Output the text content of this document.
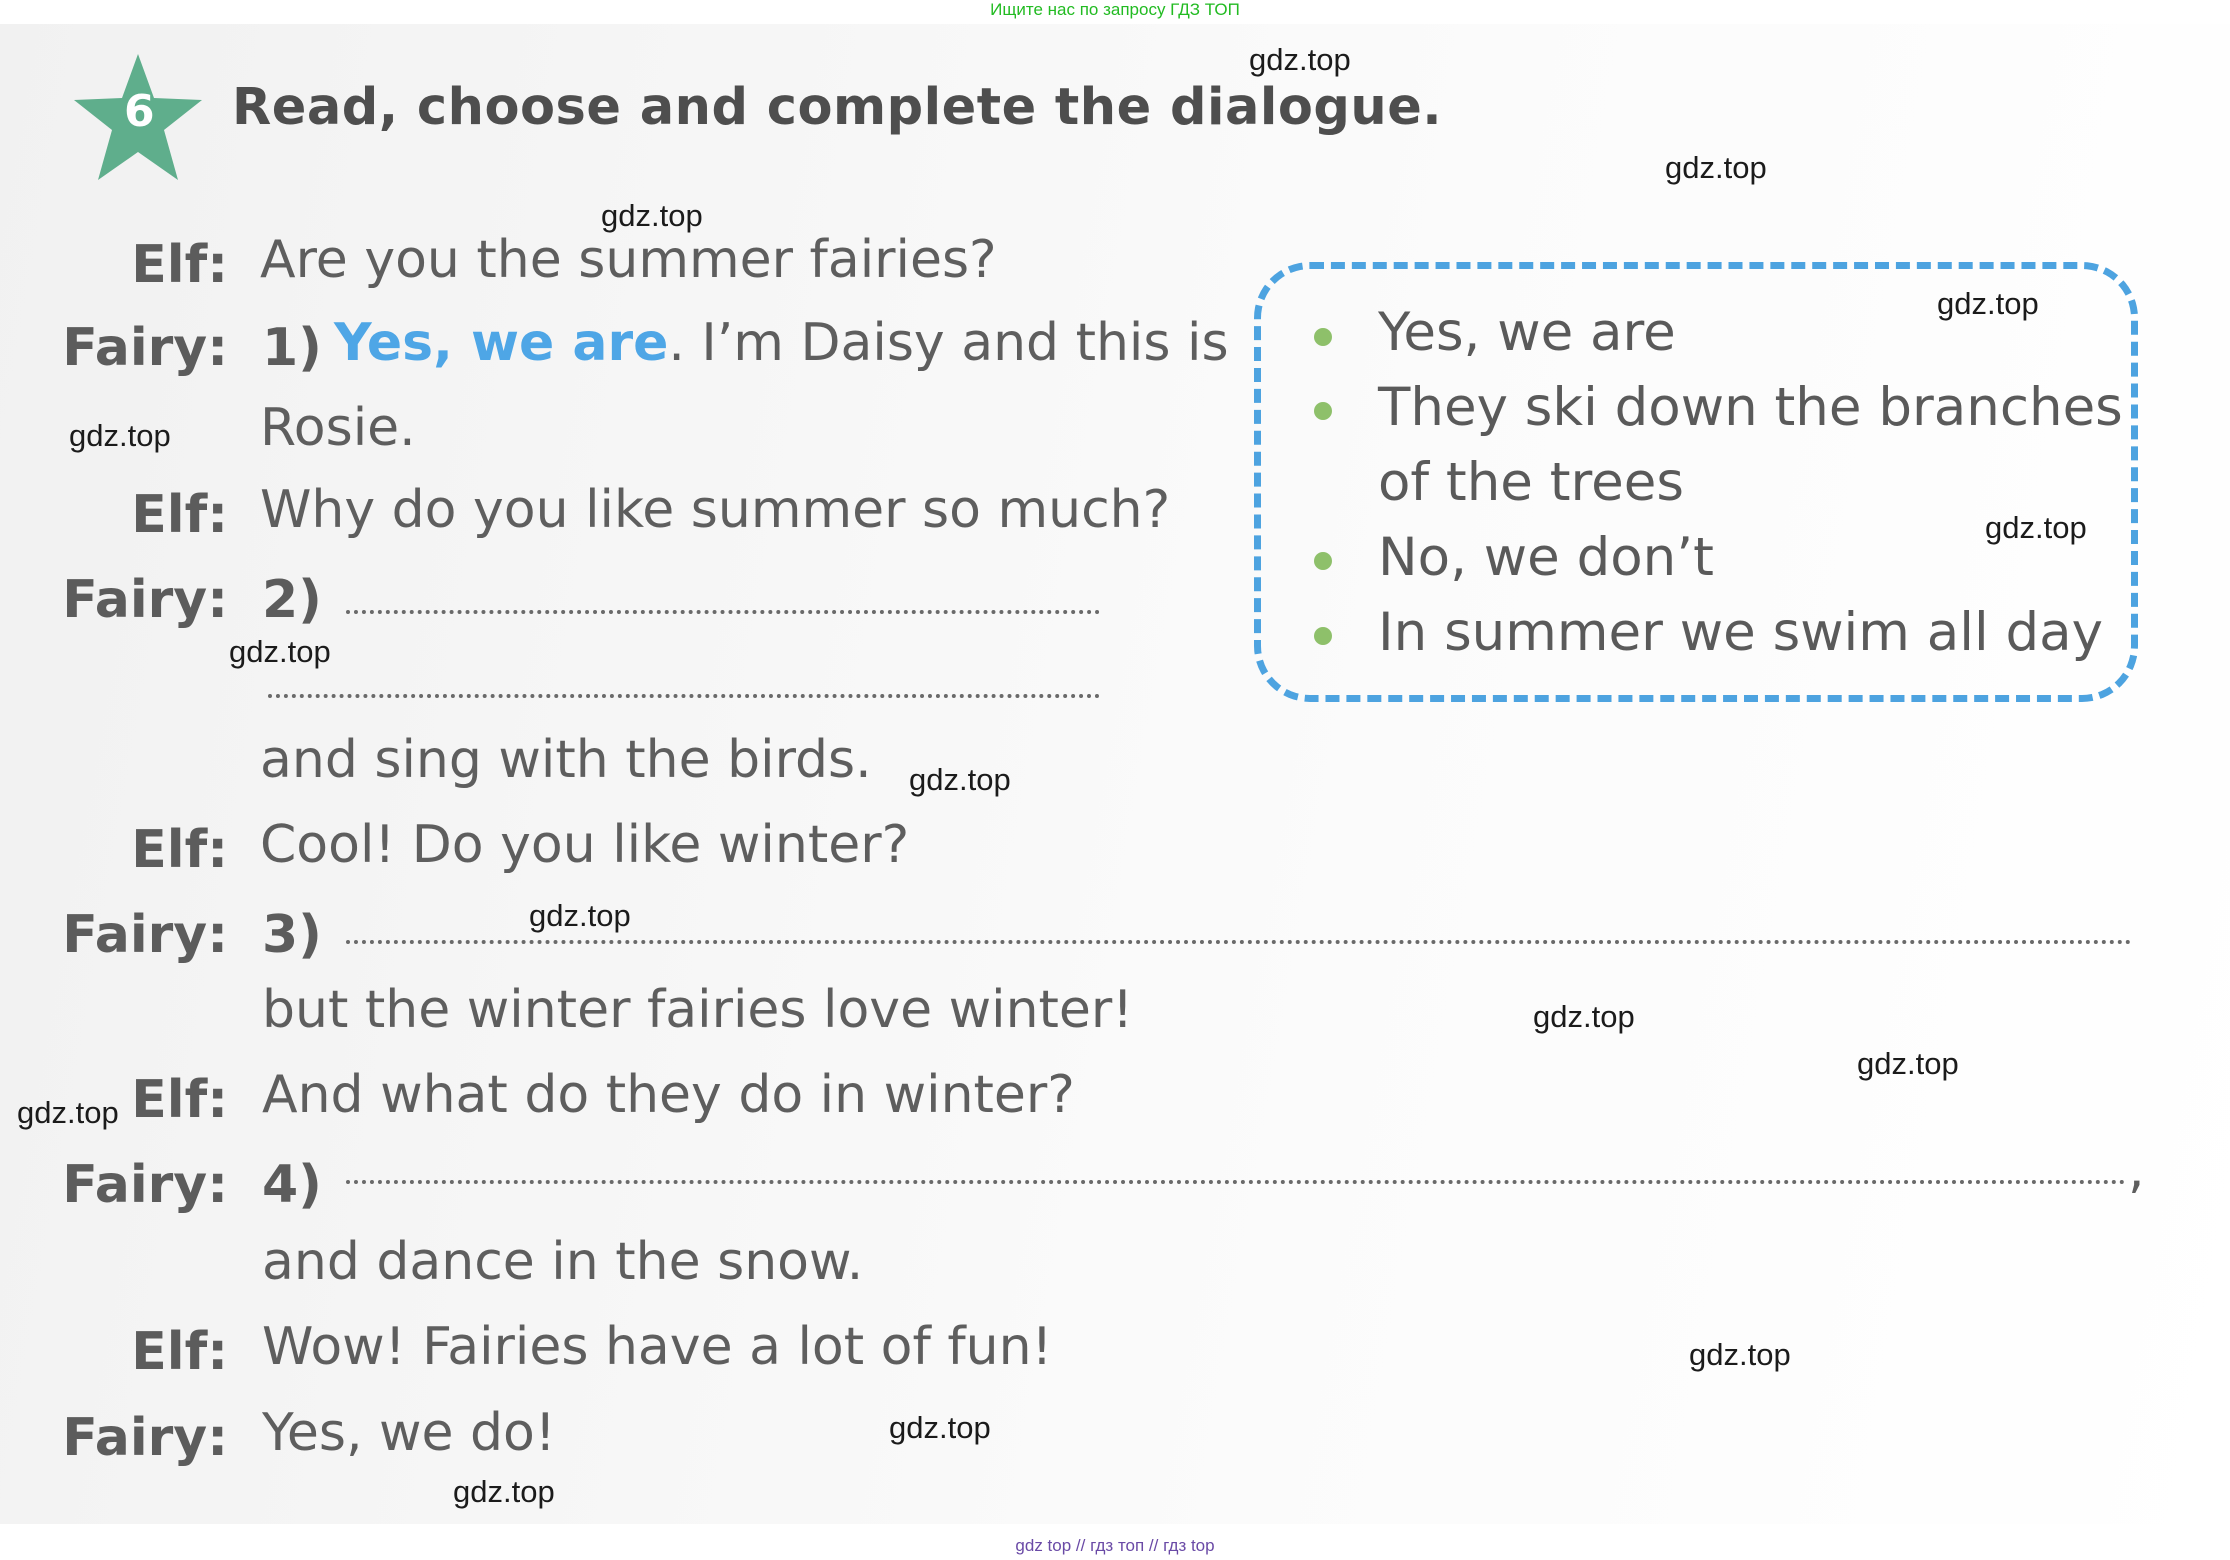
Ищите нас по запросу ГДЗ ТОП
6 Read, choose and complete the dialogue.
Elf: Are you the summer fairies?
Fairy: 1) Yes, we are. I’m Daisy and this is
Rosie.
Elf: Why do you like summer so much?
Fairy: 2)
and sing with the birds.
Elf: Cool! Do you like winter?
Fairy: 3)
but the winter fairies love winter!
Elf: And what do they do in winter?
Fairy: 4)	,
and dance in the snow.
Elf: Wow! Fairies have a lot of fun!
Fairy: Yes, we do!
Yes, we are
They ski down the branches
of the trees
No, we don’t
In summer we swim all day
gdz.top
gdz.top
gdz.top
gdz.top
gdz.top
gdz.top
gdz.top
gdz.top
gdz.top
gdz.top
gdz.top
gdz.top
gdz.top
gdz.top
gdz.top
gdz top // гдз топ // гдз top
